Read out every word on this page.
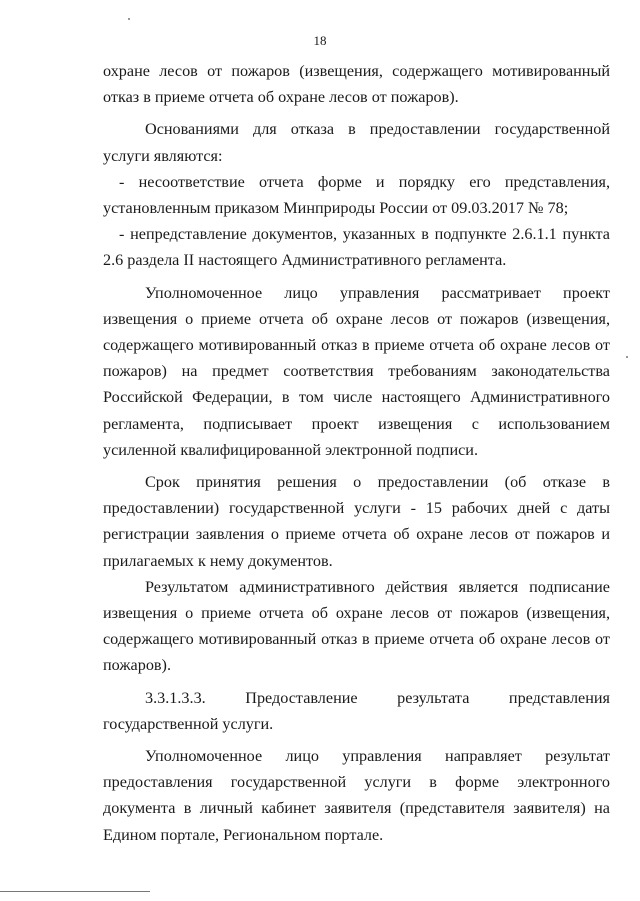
18

охране лесов от пожаров (извещения, содержащего мотивированный отказ в приеме отчета об охране лесов от пожаров).

Основаниями для отказа в предоставлении государственной услуги являются:

- несоответствие отчета форме и порядку его представления, установленным приказом Минприроды России от 09.03.2017 № 78;

- непредставление документов, указанных в подпункте 2.6.1.1 пункта 2.6 раздела II настоящего Административного регламента.

Уполномоченное лицо управления рассматривает проект извещения о приеме отчета об охране лесов от пожаров (извещения, содержащего мотивированный отказ в приеме отчета об охране лесов от пожаров) на предмет соответствия требованиям законодательства Российской Федерации, в том числе настоящего Административного регламента, подписывает проект извещения с использованием усиленной квалифицированной электронной подписи.

Срок принятия решения о предоставлении (об отказе в предоставлении) государственной услуги - 15 рабочих дней с даты регистрации заявления о приеме отчета об охране лесов от пожаров и прилагаемых к нему документов.

Результатом административного действия является подписание извещения о приеме отчета об охране лесов от пожаров (извещения, содержащего мотивированный отказ в приеме отчета об охране лесов от пожаров).

3.3.1.3.3. Предоставление результата представления государственной услуги.

Уполномоченное лицо управления направляет результат предоставления государственной услуги в форме электронного документа в личный кабинет заявителя (представителя заявителя) на Едином портале, Региональном портале.
